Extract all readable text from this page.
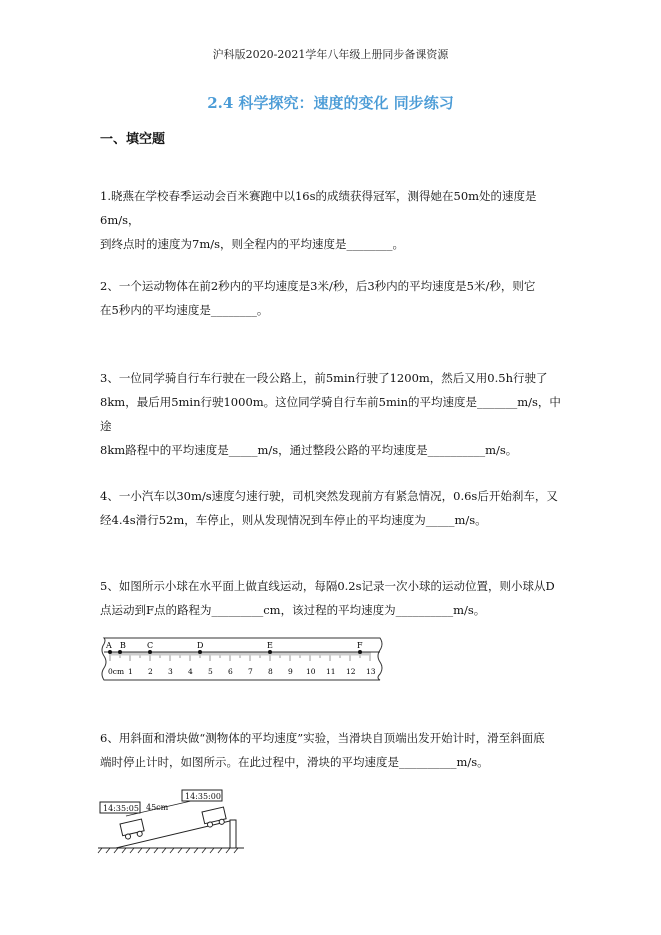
沪科版2020-2021学年八年级上册同步备课资源
2.4 科学探究：速度的变化 同步练习
一、填空题
1.晓燕在学校春季运动会百米赛跑中以16s的成绩获得冠军，测得她在50m处的速度是6m/s，
到终点时的速度为7m/s，则全程内的平均速度是________。
2、一个运动物体在前2秒内的平均速度是3米/秒，后3秒内的平均速度是5米/秒，则它
在5秒内的平均速度是________。
3、一位同学骑自行车行驶在一段公路上，前5min行驶了1200m，然后又用0.5h行驶了
8km，最后用5min行驶1000m。这位同学骑自行车前5min的平均速度是_______m/s，中途
8km路程中的平均速度是_____m/s，通过整段公路的平均速度是__________m/s。
4、一小汽车以30m/s速度匀速行驶，司机突然发现前方有紧急情况，0.6s后开始刹车，又
经4.4s滑行52m，车停止，则从发现情况到车停止的平均速度为_____m/s。
5、如图所示小球在水平面上做直线运动，每隔0.2s记录一次小球的运动位置，则小球从D
点运动到F点的路程为_________cm，该过程的平均速度为__________m/s。
A B	C	D	E	F
0cm 1 2 3 4 5 6 7 8 9 10 11 12 13
6、用斜面和滑块做“测物体的平均速度”实验，当滑块自顶端出发开始计时，滑至斜面底
端时停止计时，如图所示。在此过程中，滑块的平均速度是__________m/s。
45cm
14:35:05
14:35:00
